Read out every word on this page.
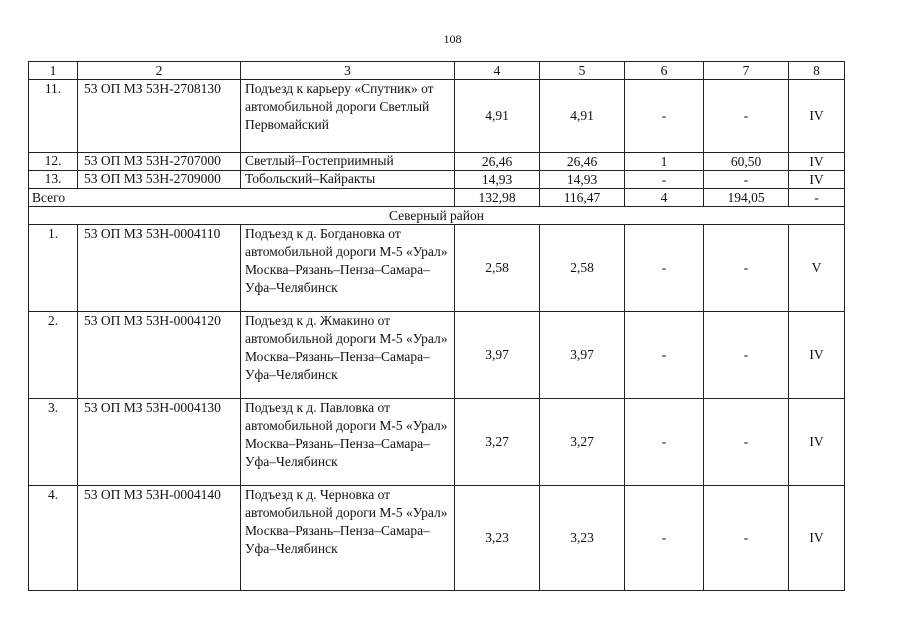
108
1	2	3	4	5	6	7	8
11.	53 ОП МЗ 53Н-2708130	Подъезд к карьеру «Спутник» от автомобильной дороги Светлый Первомайский	4,91	4,91	-	-	IV
12.	53 ОП МЗ 53Н-2707000	Светлый–Гостеприимный	26,46	26,46	1	60,50	IV
13.	53 ОП МЗ 53Н-2709000	Тобольский–Кайракты	14,93	14,93	-	-	IV
Всего			132,98	116,47	4	194,05	-
Северный район							
1.	53 ОП МЗ 53Н-0004110	Подъезд к д. Богдановка от автомобильной дороги М-5 «Урал» Москва–Рязань–Пенза–Самара–Уфа–Челябинск	2,58	2,58	-	-	V
2.	53 ОП МЗ 53Н-0004120	Подъезд к д. Жмакино от автомобильной дороги М-5 «Урал» Москва–Рязань–Пенза–Самара–Уфа–Челябинск	3,97	3,97	-	-	IV
3.	53 ОП МЗ 53Н-0004130	Подъезд к д. Павловка от автомобильной дороги М-5 «Урал» Москва–Рязань–Пенза–Самара–Уфа–Челябинск	3,27	3,27	-	-	IV
4.	53 ОП МЗ 53Н-0004140	Подъезд к д. Черновка от автомобильной дороги М-5 «Урал» Москва–Рязань–Пенза–Самара–Уфа–Челябинск	3,23	3,23	-	-	IV
